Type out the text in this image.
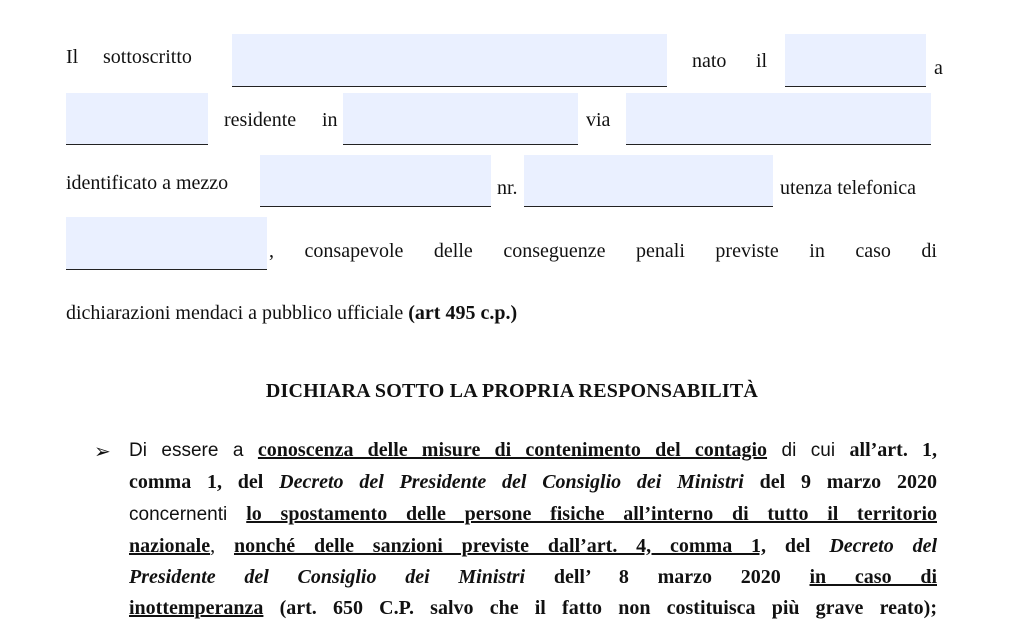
Il sottoscritto	nato il	a
residente in	via
identificato a mezzo	nr.	utenza telefonica
, consapevole delle conseguenze penali previste in caso di
dichiarazioni mendaci a pubblico ufficiale (art 495 c.p.)
DICHIARA SOTTO LA PROPRIA RESPONSABILITÀ
➢ Di essere a conoscenza delle misure di contenimento del contagio di cui all’art. 1,
comma 1, del Decreto del Presidente del Consiglio dei Ministri del 9 marzo 2020
concernenti lo spostamento delle persone fisiche all’interno di tutto il territorio
nazionale, nonché delle sanzioni previste dall’art. 4, comma 1, del Decreto del
Presidente del Consiglio dei Ministri dell’ 8 marzo 2020 in caso di
inottemperanza (art. 650 C.P. salvo che il fatto non costituisca più grave reato);
